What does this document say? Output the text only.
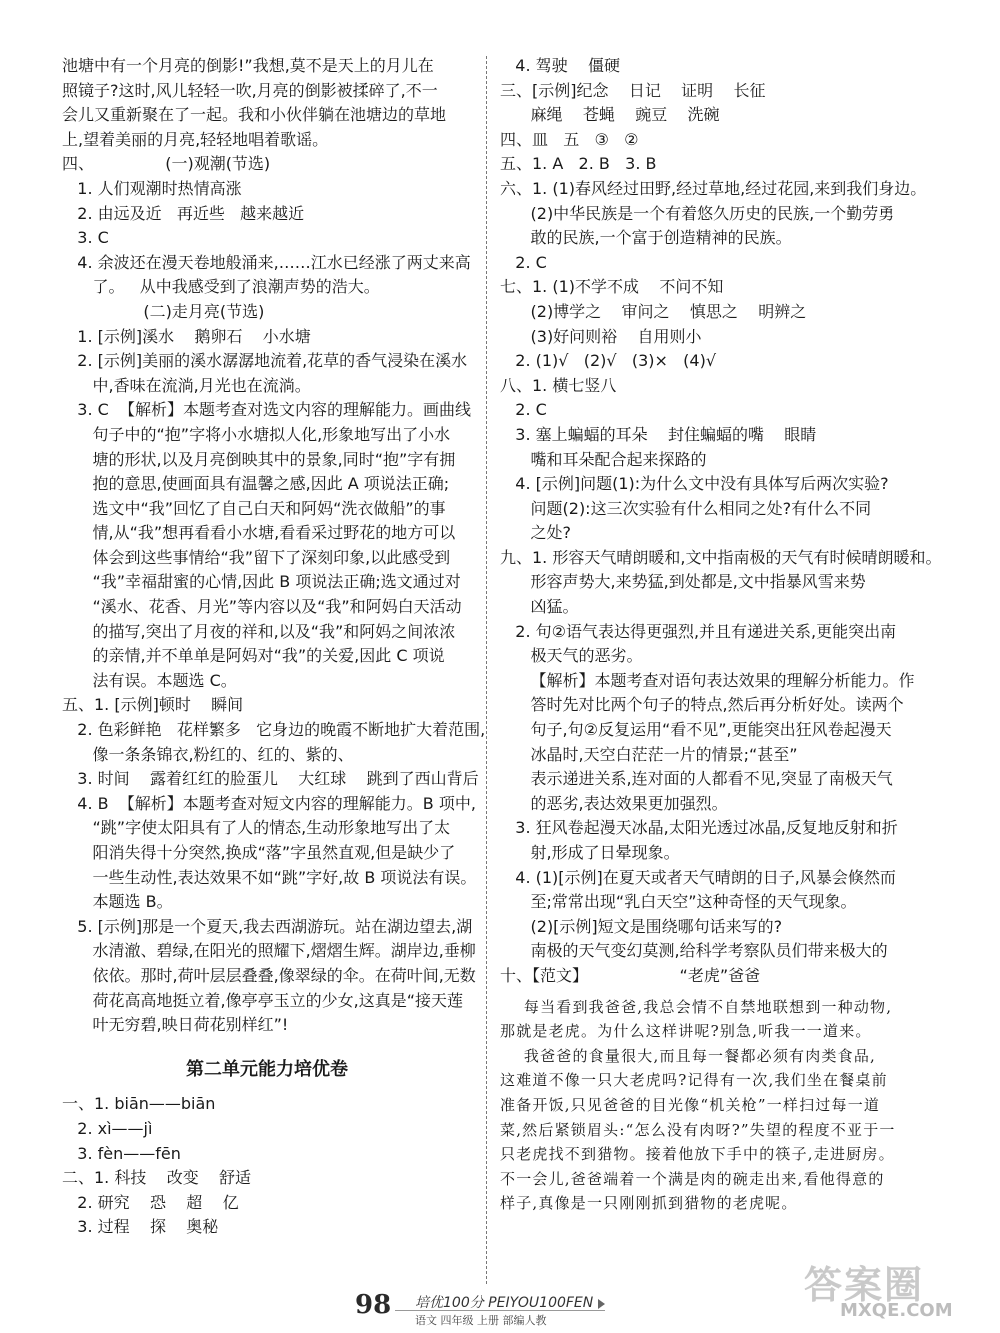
池塘中有一个月亮的倒影!”我想,莫不是天上的月儿在
照镜子?这时,风儿轻轻一吹,月亮的倒影被揉碎了,不一
会儿又重新聚在了一起。我和小伙伴躺在池塘边的草地
上,望着美丽的月亮,轻轻地唱着歌谣。
四、              (一)观潮(节选)
1. 人们观潮时热情高涨
2. 由远及近   再近些   越来越近
3. C
4. 余波还在漫天卷地般涌来,……江水已经涨了两丈来高
了。   从中我感受到了浪潮声势的浩大。
(二)走月亮(节选)
1. [示例]溪水    鹅卵石    小水塘
2. [示例]美丽的溪水潺潺地流着,花草的香气浸染在溪水
中,香味在流淌,月光也在流淌。
3. C  【解析】本题考查对选文内容的理解能力。画曲线
句子中的“抱”字将小水塘拟人化,形象地写出了小水
塘的形状,以及月亮倒映其中的景象,同时“抱”字有拥
抱的意思,使画面具有温馨之感,因此 A 项说法正确;
选文中“我”回忆了自己白天和阿妈“洗衣做船”的事
情,从“我”想再看看小水塘,看看采过野花的地方可以
体会到这些事情给“我”留下了深刻印象,以此感受到
“我”幸福甜蜜的心情,因此 B 项说法正确;选文通过对
“溪水、花香、月光”等内容以及“我”和阿妈白天活动
的描写,突出了月夜的祥和,以及“我”和阿妈之间浓浓
的亲情,并不单单是阿妈对“我”的关爱,因此 C 项说
法有误。本题选 C。
五、1. [示例]顿时    瞬间
2. 色彩鲜艳   花样繁多   它身边的晚霞不断地扩大着范围,
像一条条锦衣,粉红的、红的、紫的、
3. 时间    露着红红的脸蛋儿    大红球    跳到了西山背后
4. B  【解析】本题考查对短文内容的理解能力。B 项中,
“跳”字使太阳具有了人的情态,生动形象地写出了太
阳消失得十分突然,换成“落”字虽然直观,但是缺少了
一些生动性,表达效果不如“跳”字好,故 B 项说法有误。
本题选 B。
5. [示例]那是一个夏天,我去西湖游玩。站在湖边望去,湖
水清澈、碧绿,在阳光的照耀下,熠熠生辉。湖岸边,垂柳
依依。那时,荷叶层层叠叠,像翠绿的伞。在荷叶间,无数
荷花高高地挺立着,像亭亭玉立的少女,这真是“接天莲
叶无穷碧,映日荷花别样红”!
第二单元能力培优卷
一、1. biān——biān
2. xì——jì
3. fèn——fēn
二、1. 科技    改变    舒适
2. 研究    恐    超    亿
3. 过程    探    奥秘
4. 驾驶    僵硬
三、[示例]纪念    日记    证明    长征
麻绳    苍蝇    豌豆    洗碗
四、皿   五   ③   ②
五、1. A   2. B   3. B
六、1. (1)春风经过田野,经过草地,经过花园,来到我们身边。
(2)中华民族是一个有着悠久历史的民族,一个勤劳勇
敢的民族,一个富于创造精神的民族。
2. C
七、1. (1)不学不成    不问不知
(2)博学之    审问之    慎思之    明辨之
(3)好问则裕    自用则小
2. (1)√   (2)√   (3)×   (4)√
八、1. 横七竖八
2. C
3. 塞上蝙蝠的耳朵    封住蝙蝠的嘴    眼睛
嘴和耳朵配合起来探路的
4. [示例]问题(1):为什么文中没有具体写后两次实验?
问题(2):这三次实验有什么相同之处?有什么不同
之处?
九、1. 形容天气晴朗暖和,文中指南极的天气有时候晴朗暖和。
形容声势大,来势猛,到处都是,文中指暴风雪来势
凶猛。
2. 句②语气表达得更强烈,并且有递进关系,更能突出南
极天气的恶劣。
【解析】本题考查对语句表达效果的理解分析能力。作
答时先对比两个句子的特点,然后再分析好处。读两个
句子,句②反复运用“看不见”,更能突出狂风卷起漫天
冰晶时,天空白茫茫一片的情景;“甚至”
表示递进关系,连对面的人都看不见,突显了南极天气
的恶劣,表达效果更加强烈。
3. 狂风卷起漫天冰晶,太阳光透过冰晶,反复地反射和折
射,形成了日晕现象。
4. (1)[示例]在夏天或者天气晴朗的日子,风暴会倏然而
至;常常出现“乳白天空”这种奇怪的天气现象。
(2)[示例]短文是围绕哪句话来写的?
南极的天气变幻莫测,给科学考察队员们带来极大的
十、【范文】                  “老虎”爸爸
每当看到我爸爸,我总会情不自禁地联想到一种动物,
那就是老虎。为什么这样讲呢?别急,听我一一道来。
我爸爸的食量很大,而且每一餐都必须有肉类食品,
这难道不像一只大老虎吗?记得有一次,我们坐在餐桌前
准备开饭,只见爸爸的目光像“机关枪”一样扫过每一道
菜,然后紧锁眉头:“怎么没有肉呀?”失望的程度不亚于一
只老虎找不到猎物。接着他放下手中的筷子,走进厨房。
不一会儿,爸爸端着一个满是肉的碗走出来,看他得意的
样子,真像是一只刚刚抓到猎物的老虎呢。
98 培优100分 PEIYOU100FEN
语文 四年级 上册 部编人教
答案圈
MXQE.COM
